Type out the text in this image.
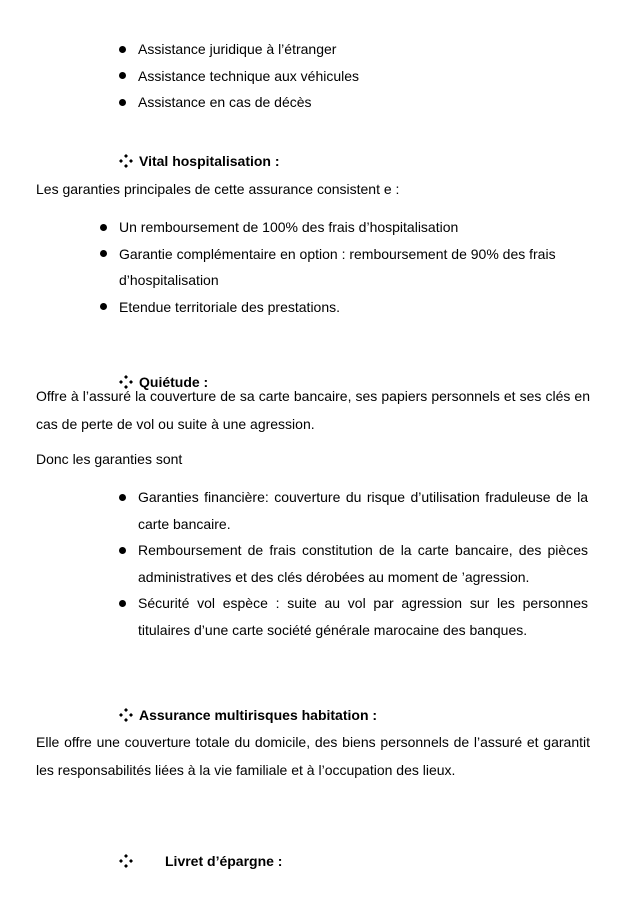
Assistance juridique à l’étranger
Assistance technique aux véhicules
Assistance en cas de décès
Vital hospitalisation :

Les garanties principales de cette assurance consistent e :

Un remboursement de 100% des frais d’hospitalisation
Garantie complémentaire en option : remboursement de 90% des frais d’hospitalisation
Etendue territoriale des prestations.
Quiétude :

Offre à l’assuré la couverture de sa carte bancaire, ses papiers personnels et ses clés en cas de perte de vol ou suite à une agression.

Donc les garanties sont

Garanties financière: couverture du risque d’utilisation fraduleuse de la carte bancaire.
Remboursement de frais constitution de la carte bancaire, des pièces administratives et des clés dérobées au moment de ’agression.
Sécurité vol espèce : suite au vol par agression sur les personnes titulaires d’une carte société générale marocaine des banques.
Assurance multirisques habitation :

Elle offre une couverture totale du domicile, des biens personnels de l’assuré et garantit les responsabilités liées à la vie familiale et à l’occupation des lieux.

Livret d’épargne :
